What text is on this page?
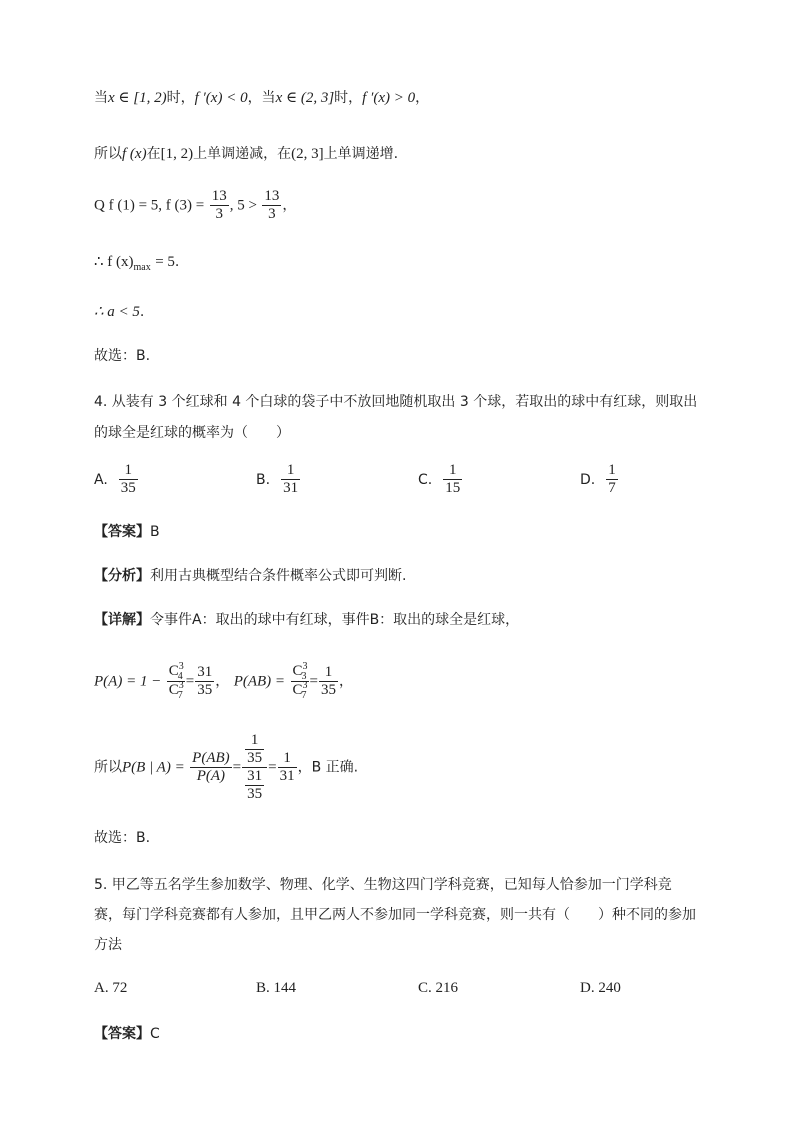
当x ∈ [1, 2)时，f ′(x) < 0，当x ∈ (2, 3]时，f ′(x) > 0，
所以f (x)在[1, 2)上单调递减，在(2, 3]上单调递增.
Q f (1) = 5, f $(3) = \frac{13}{3}$ , $5 > \frac{13}{3}$ ，
∴ f $(x)_{max} = 5$.
∴ a < 5.
故选：B.
4. 从装有 3 个红球和 4 个白球的袋子中不放回地随机取出 3 个球，若取出的球中有红球，则取出
的球全是红球的概率为（　　）
A. $\frac{1}{35}$	B. $\frac{1}{31}$	C. $\frac{1}{15}$	D. $\frac{1}{7}$
【答案】B
【分析】利用古典概型结合条件概率公式即可判断.
【详解】令事件A：取出的球中有红球，事件B：取出的球全是红球，
$P(A) = 1 - \frac{C^3_4}{C^3_7} = \frac{31}{35}$ ， $P(AB) = \frac{C^3_3}{C^3_7} = \frac{1}{35}$ ，
所以P(B | $A) = \frac{P(AB)}{P(A)} = \frac{\frac{1}{35}}{\frac{31}{35}} = \frac{1}{31}$ ，B 正确.
故选：B.
5. 甲乙等五名学生参加数学、物理、化学、生物这四门学科竞赛，已知每人恰参加一门学科竞
赛，每门学科竞赛都有人参加，且甲乙两人不参加同一学科竞赛，则一共有（　　）种不同的参加
方法
A. 72	B. 144	C. 216	D. 240
【答案】C
